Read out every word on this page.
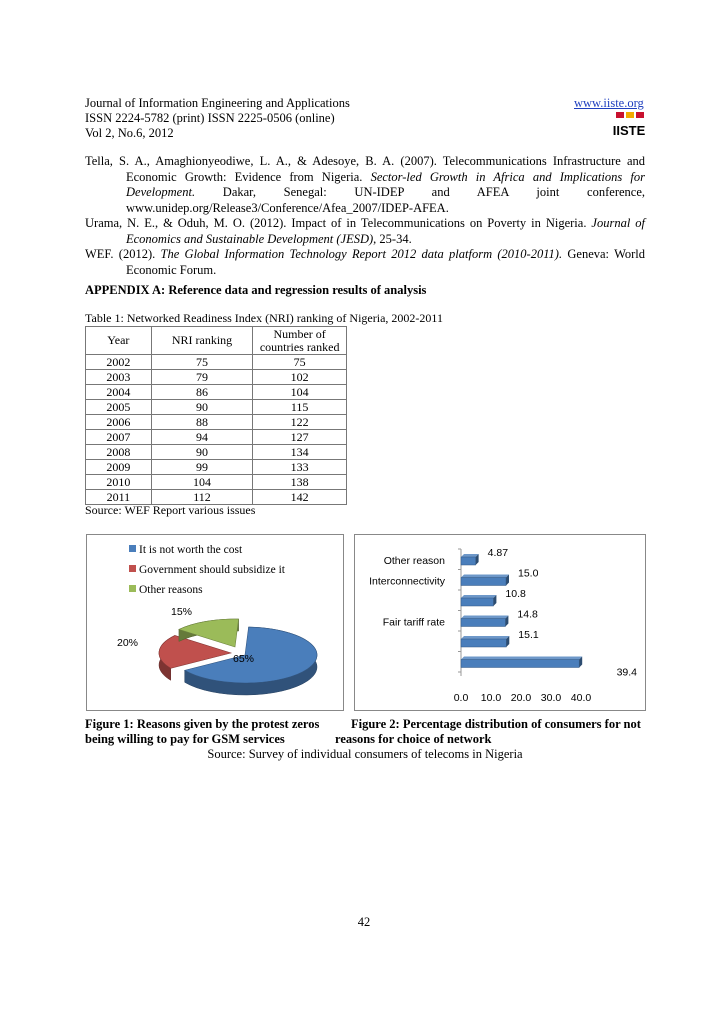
Journal of Information Engineering and Applications
ISSN 2224-5782 (print) ISSN 2225-0506 (online)
Vol 2, No.6, 2012
www.iiste.org
IISTE

Tella, S. A., Amaghionyeodiwe, L. A., & Adesoye, B. A. (2007). Telecommunications Infrastructure and Economic Growth: Evidence from Nigeria. Sector-led Growth in Africa and Implications for Development. Dakar, Senegal: UN-IDEP and AFEA joint conference, www.unidep.org/Release3/Conference/Afea_2007/IDEP-AFEA.

Urama, N. E., & Oduh, M. O. (2012). Impact of in Telecommunications on Poverty in Nigeria. Journal of Economics and Sustainable Development (JESD), 25-34.

WEF. (2012). The Global Information Technology Report 2012 data platform (2010-2011). Geneva: World Economic Forum.

APPENDIX A: Reference data and regression results of analysis
Table 1: Networked Readiness Index (NRI) ranking of Nigeria, 2002-2011
Year	NRI ranking	Number of countries ranked
2002	75	75
2003	79	102
2004	86	104
2005	90	115
2006	88	122
2007	94	127
2008	90	134
2009	99	133
2010	104	138
2011	112	142
Source: WEF Report various issues
It is not worth the cost
Government should subsidize it
Other reasons
15%
20%
65%
4.87
Other reason
15.0
Interconnectivity
10.8
14.8
Fair tariff rate
15.1
39.4
0.0 10.0 20.0 30.0 40.0
Figure 1: Reasons given by the protest zeros being willing to pay for GSM services
Figure 2: Percentage distribution of consumers for not reasons for choice of network
Source: Survey of individual consumers of telecoms in Nigeria
42
